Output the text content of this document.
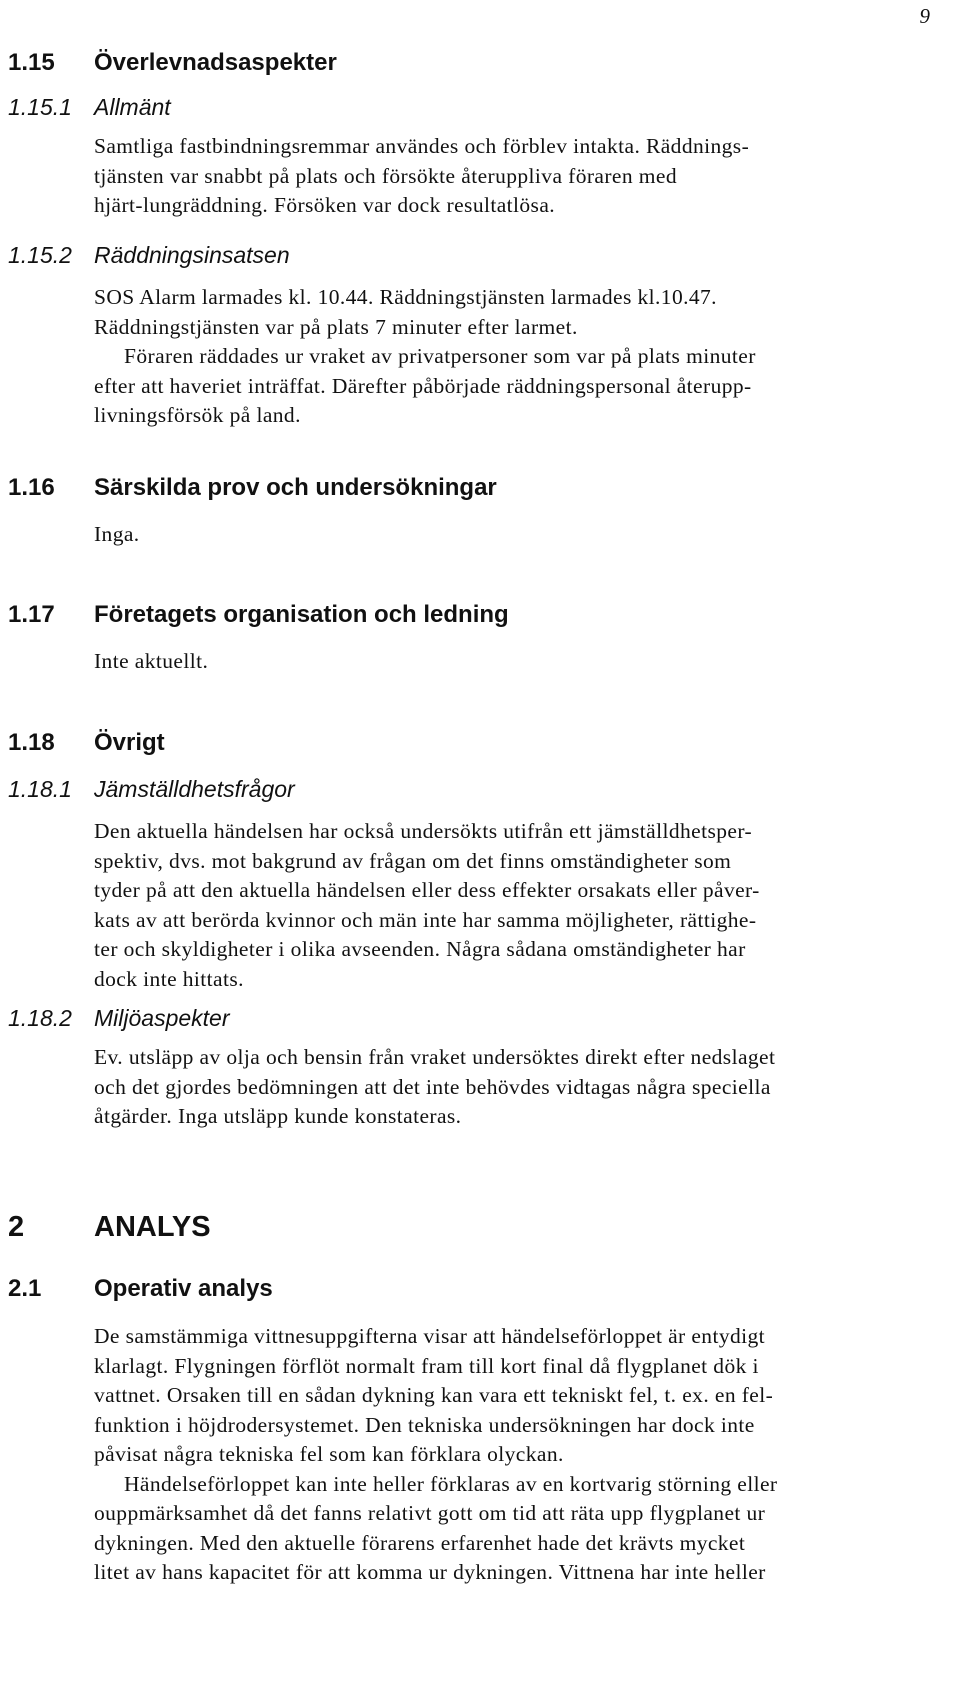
9
1.15 Överlevnadsaspekter
1.15.1 Allmänt
Samtliga fastbindningsremmar användes och förblev intakta. Räddnings-
tjänsten var snabbt på plats och försökte återuppliva föraren med
hjärt-lungräddning. Försöken var dock resultatlösa.
1.15.2 Räddningsinsatsen
SOS Alarm larmades kl. 10.44. Räddningstjänsten larmades kl.10.47.
Räddningstjänsten var på plats 7 minuter efter larmet.
Föraren räddades ur vraket av privatpersoner som var på plats minuter
efter att haveriet inträffat. Därefter påbörjade räddningspersonal återupp-
livningsförsök på land.
1.16 Särskilda prov och undersökningar
Inga.
1.17 Företagets organisation och ledning
Inte aktuellt.
1.18 Övrigt
1.18.1 Jämställdhetsfrågor
Den aktuella händelsen har också undersökts utifrån ett jämställdhetsper-
spektiv, dvs. mot bakgrund av frågan om det finns omständigheter som
tyder på att den aktuella händelsen eller dess effekter orsakats eller påver-
kats av att berörda kvinnor och män inte har samma möjligheter, rättighe-
ter och skyldigheter i olika avseenden. Några sådana omständigheter har
dock inte hittats.
1.18.2 Miljöaspekter
Ev. utsläpp av olja och bensin från vraket undersöktes direkt efter nedslaget
och det gjordes bedömningen att det inte behövdes vidtagas några speciella
åtgärder. Inga utsläpp kunde konstateras.
2 ANALYS
2.1 Operativ analys
De samstämmiga vittnesuppgifterna visar att händelseförloppet är entydigt
klarlagt. Flygningen förflöt normalt fram till kort final då flygplanet dök i
vattnet. Orsaken till en sådan dykning kan vara ett tekniskt fel, t. ex. en fel-
funktion i höjdrodersystemet. Den tekniska undersökningen har dock inte
påvisat några tekniska fel som kan förklara olyckan.
Händelseförloppet kan inte heller förklaras av en kortvarig störning eller
ouppmärksamhet då det fanns relativt gott om tid att räta upp flygplanet ur
dykningen. Med den aktuelle förarens erfarenhet hade det krävts mycket
litet av hans kapacitet för att komma ur dykningen. Vittnena har inte heller
